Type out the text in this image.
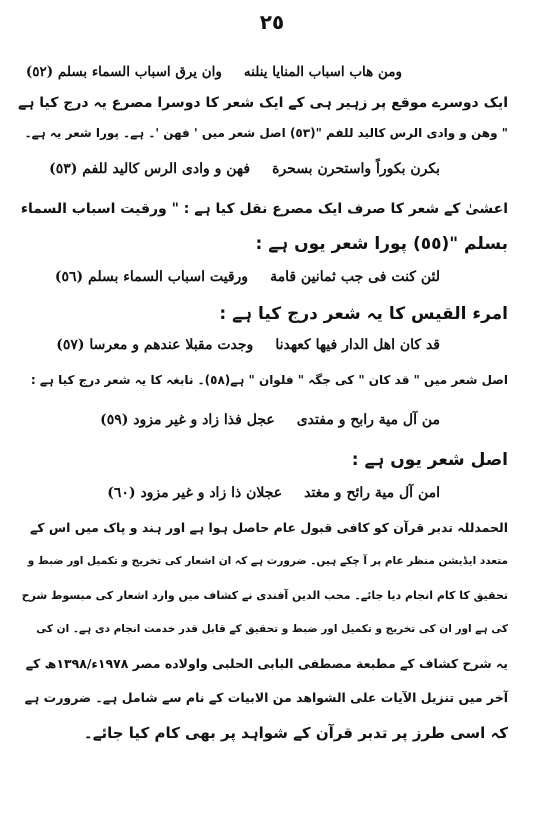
٢٥
ومن هاب اسباب المنايا ينلنه
وان يرق اسباب السماء بسلم (٥٢)
ایک دوسرے موقع پر زہیر ہی کے ایک شعر کا دوسرا مصرع یہ درج کیا ہے
" وهن و وادى الرس كاليد للفم "(٥٣) اصل شعر میں ' فهن '۔ ہے۔ پورا شعر یہ ہے۔
بكرن بكوراً واستحرن بسحرة
فهن و وادى الرس كاليد للفم (٥٣)
اعشیٰ کے شعر کا صرف ایک مصرع نقل کیا ہے : " ورقيت اسباب السماء
بسلم "(٥٥) پورا شعر یوں ہے :
لئن كنت فى جب ثمانين قامة
ورقيت اسباب السماء بسلم (٥٦)
امرء القیس کا یہ شعر درج کیا ہے :
قد كان اهل الدار فيها كعهدنا
وجدت مقبلا عندهم و معرسا (٥٧)
اصل شعر میں " قد كان " کی جگہ " فلوان " ہے(٥٨)۔ نابغہ کا یہ شعر درج کیا ہے :
من آل مية رابح و مفتدى
عجل فذا زاد و غير مزود (٥٩)
اصل شعر یوں ہے :
امن آل مية رائح و مغتد
عجلان ذا زاد و غير مزود (٦٠)
الحمدللہ تدبر قرآن کو کافی قبول عام حاصل ہوا ہے اور ہند و پاک میں اس کے
متعدد ایڈیشن منظر عام پر آ چکے ہیں۔ ضرورت ہے کہ ان اشعار کی تخریج و تکمیل اور ضبط و
تحقیق کا کام انجام دیا جائے۔ محب الدین آفندی نے کشاف میں وارد اشعار کی مبسوط شرح
کی ہے اور ان کی تخریج و تکمیل اور ضبط و تحقیق کے قابل قدر خدمت انجام دی ہے۔ ان کی
یہ شرح کشاف کے مطبعة مصطفى البابى الحلبى واولاده مصر ١٩٧٨ء/١٣٩٨ھ کے
آخر میں تنزيل الآيات على الشواهد من الابيات کے نام سے شامل ہے۔ ضرورت ہے
کہ اسی طرز پر تدبر قرآن کے شواہد پر بھی کام کیا جائے۔
